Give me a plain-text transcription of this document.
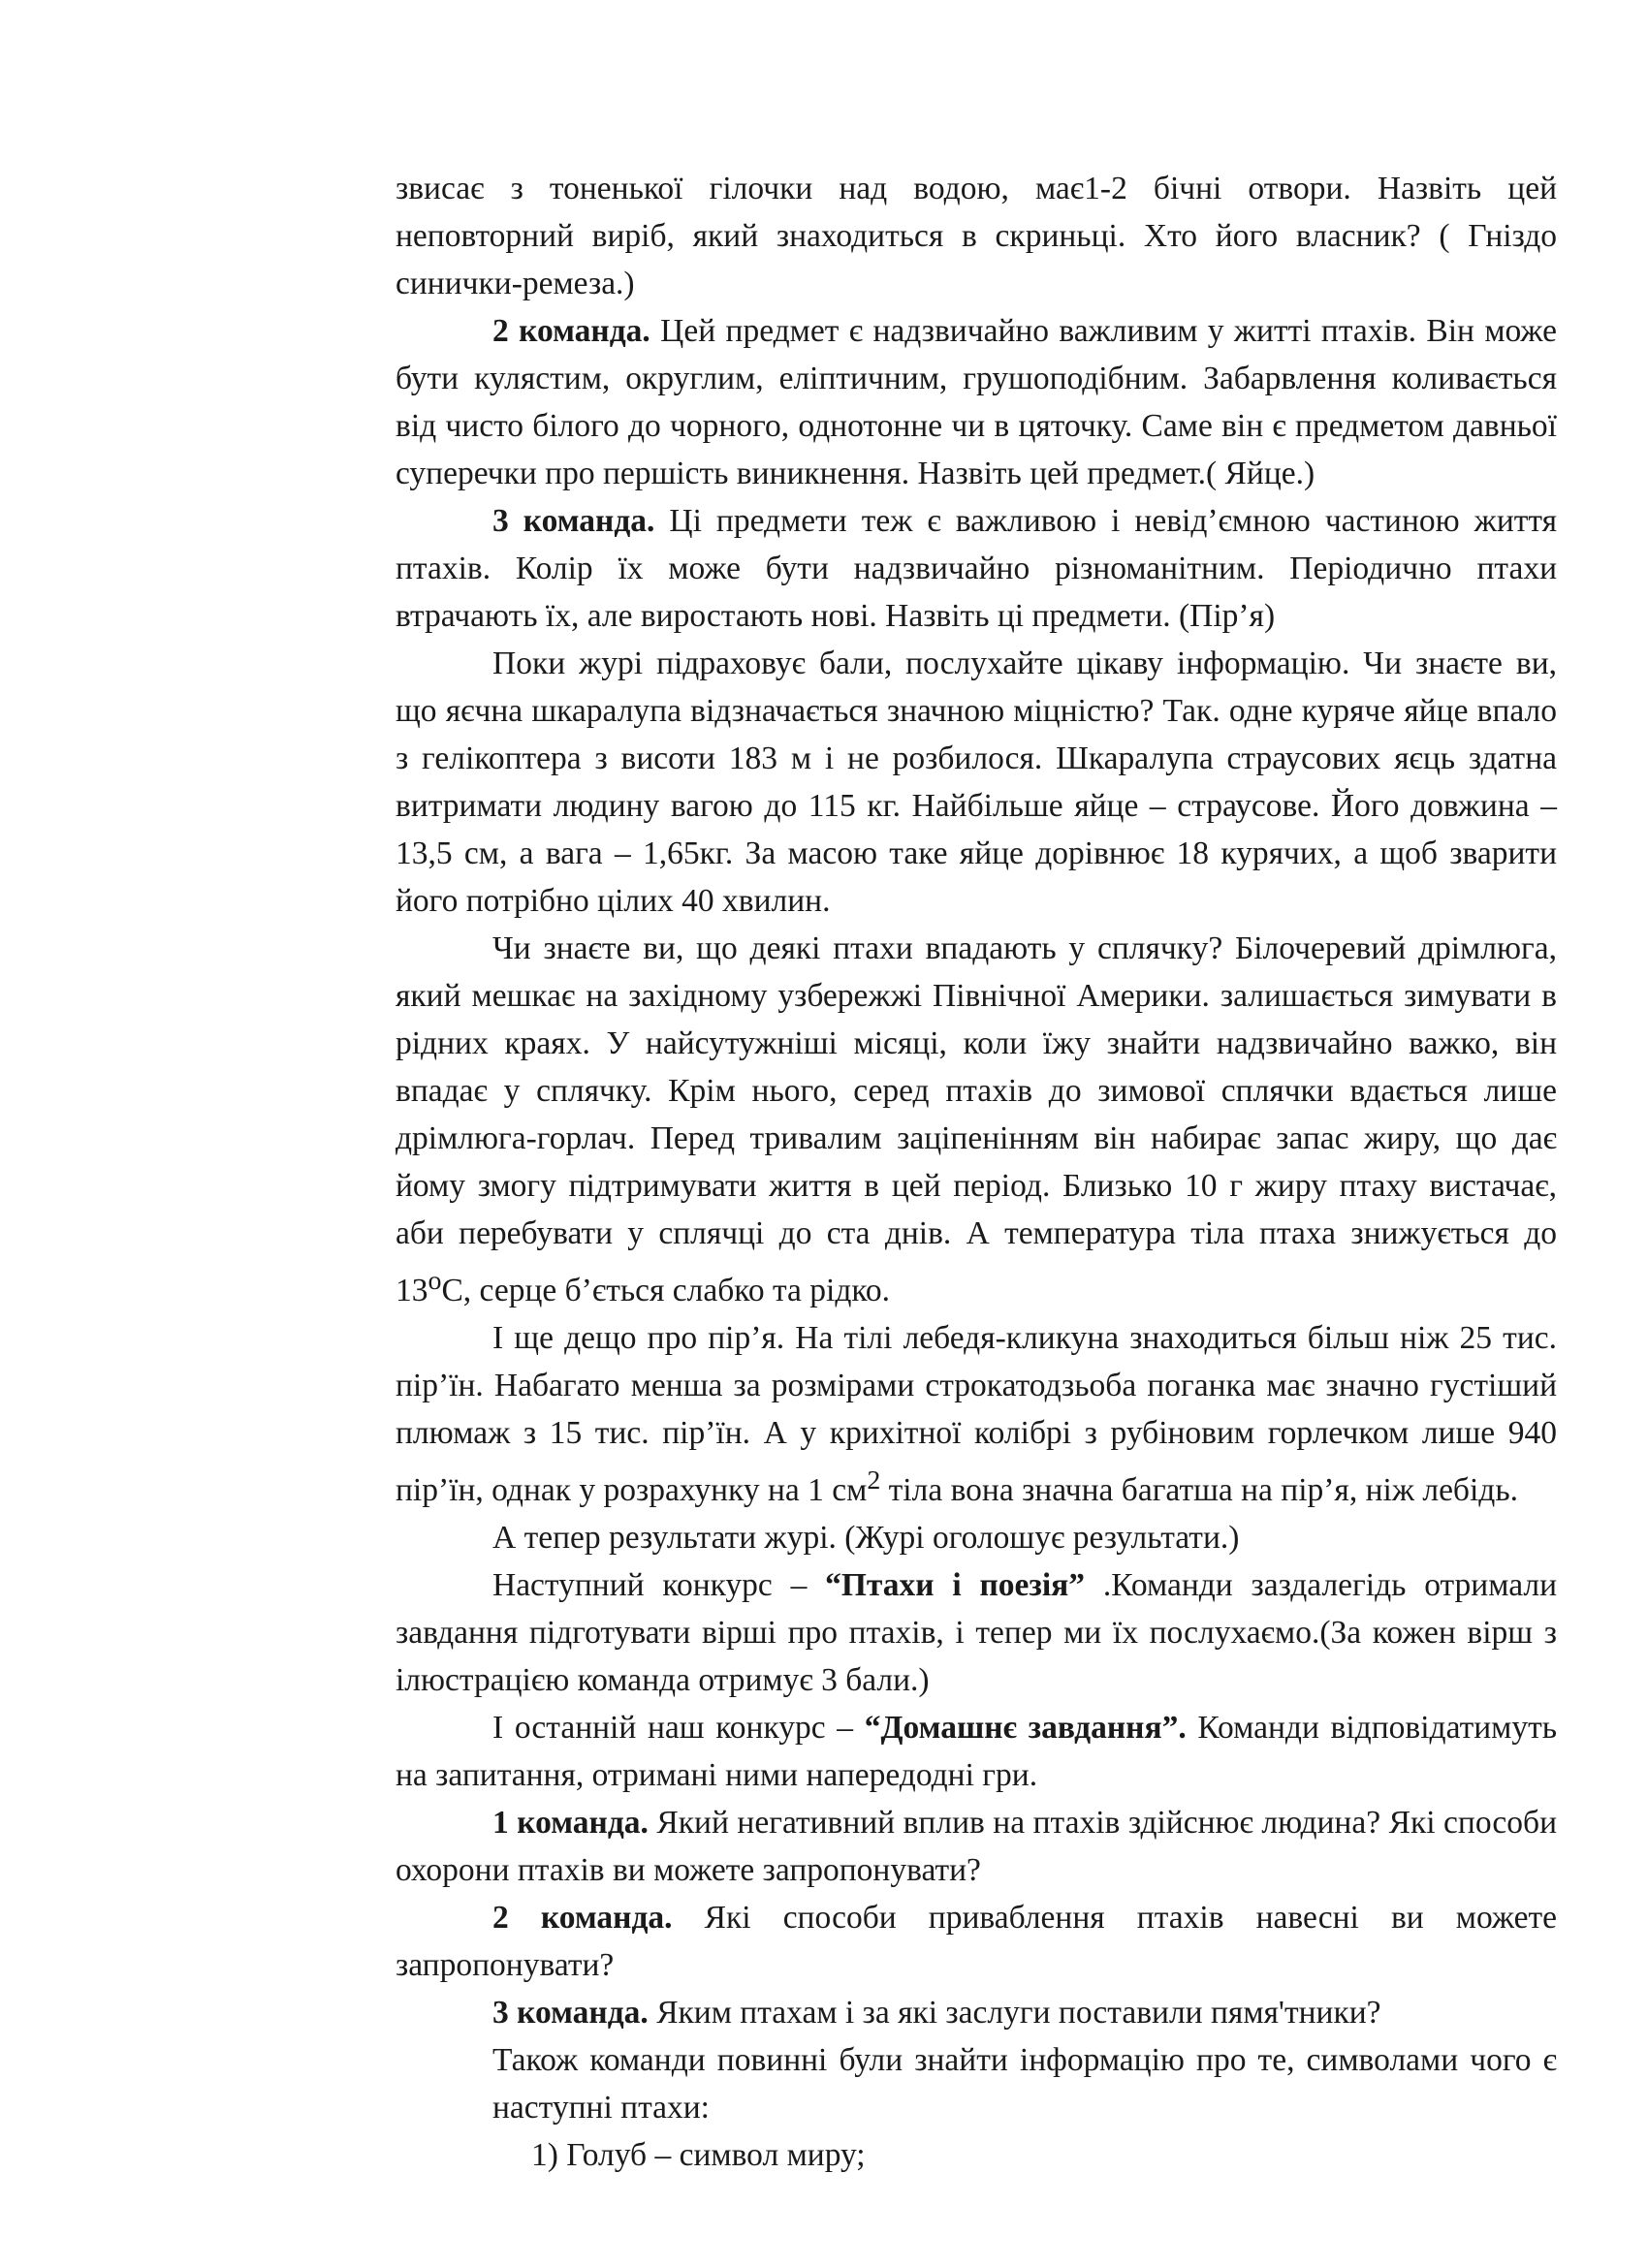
звисає з тоненької гілочки над водою, має1-2 бічні отвори. Назвіть цей неповторний виріб, який знаходиться в скриньці. Хто його власник? ( Гніздо синички-ремеза.)

2 команда. Цей предмет є надзвичайно важливим у житті птахів. Він може бути кулястим, округлим, еліптичним, грушоподібним. Забарвлення коливається від чисто білого до чорного, однотонне чи в цяточку. Саме він є предметом давньої суперечки про першість виникнення. Назвіть цей предмет.( Яйце.)

3 команда. Ці предмети теж є важливою і невід’ємною частиною життя птахів. Колір їх може бути надзвичайно різноманітним. Періодично птахи втрачають їх, але виростають нові. Назвіть ці предмети. (Пір’я)

Поки журі підраховує бали, послухайте цікаву інформацію. Чи знаєте ви, що яєчна шкаралупа відзначається значною міцністю? Так. одне куряче яйце впало з гелікоптера з висоти 183 м і не розбилося. Шкаралупа страусових яєць здатна витримати людину вагою до 115 кг. Найбільше яйце – страусове. Його довжина – 13,5 см, а вага – 1,65кг. За масою таке яйце дорівнює 18 курячих, а щоб зварити його потрібно цілих 40 хвилин.

Чи знаєте ви, що деякі птахи впадають у сплячку? Білочеревий дрімлюга, який мешкає на західному узбережжі Північної Америки. залишається зимувати в рідних краях. У найсутужніші місяці, коли їжу знайти надзвичайно важко, він впадає у сплячку. Крім нього, серед птахів до зимової сплячки вдається лише дрімлюга-горлач. Перед тривалим заціпенінням він набирає запас жиру, що дає йому змогу підтримувати життя в цей період. Близько 10 г жиру птаху вистачає, аби перебувати у сплячці до ста днів. А температура тіла птаха знижується до $13^оС$, серце б’ється слабко та рідко.

І ще дещо про пір’я. На тілі лебедя-кликуна знаходиться більш ніж 25 тис. пір’їн. Набагато менша за розмірами строкатодзьоба поганка має значно густіший плюмаж з 15 тис. пір’їн. А у крихітної колібрі з рубіновим горлечком лише 940 пір’їн, однак у розрахунку на 1 $см^2$ тіла вона значна багатша на пір’я, ніж лебідь.

А тепер результати журі. (Журі оголошує результати.)

Наступний конкурс – “Птахи і поезія” .Команди заздалегідь отримали завдання підготувати вірші про птахів, і тепер ми їх послухаємо.(За кожен вірш з ілюстрацією команда отримує 3 бали.)

І останній наш конкурс – “Домашнє завдання”. Команди відповідатимуть на запитання, отримані ними напередодні гри.

1 команда. Який негативний вплив на птахів здійснює людина? Які способи охорони птахів ви можете запропонувати?

2 команда. Які способи приваблення птахів навесні ви можете запропонувати?

3 команда. Яким птахам і за які заслуги поставили пямя'тники?

Також команди повинні були знайти інформацію про те, символами чого є наступні птахи:

1) Голуб – символ миру;
